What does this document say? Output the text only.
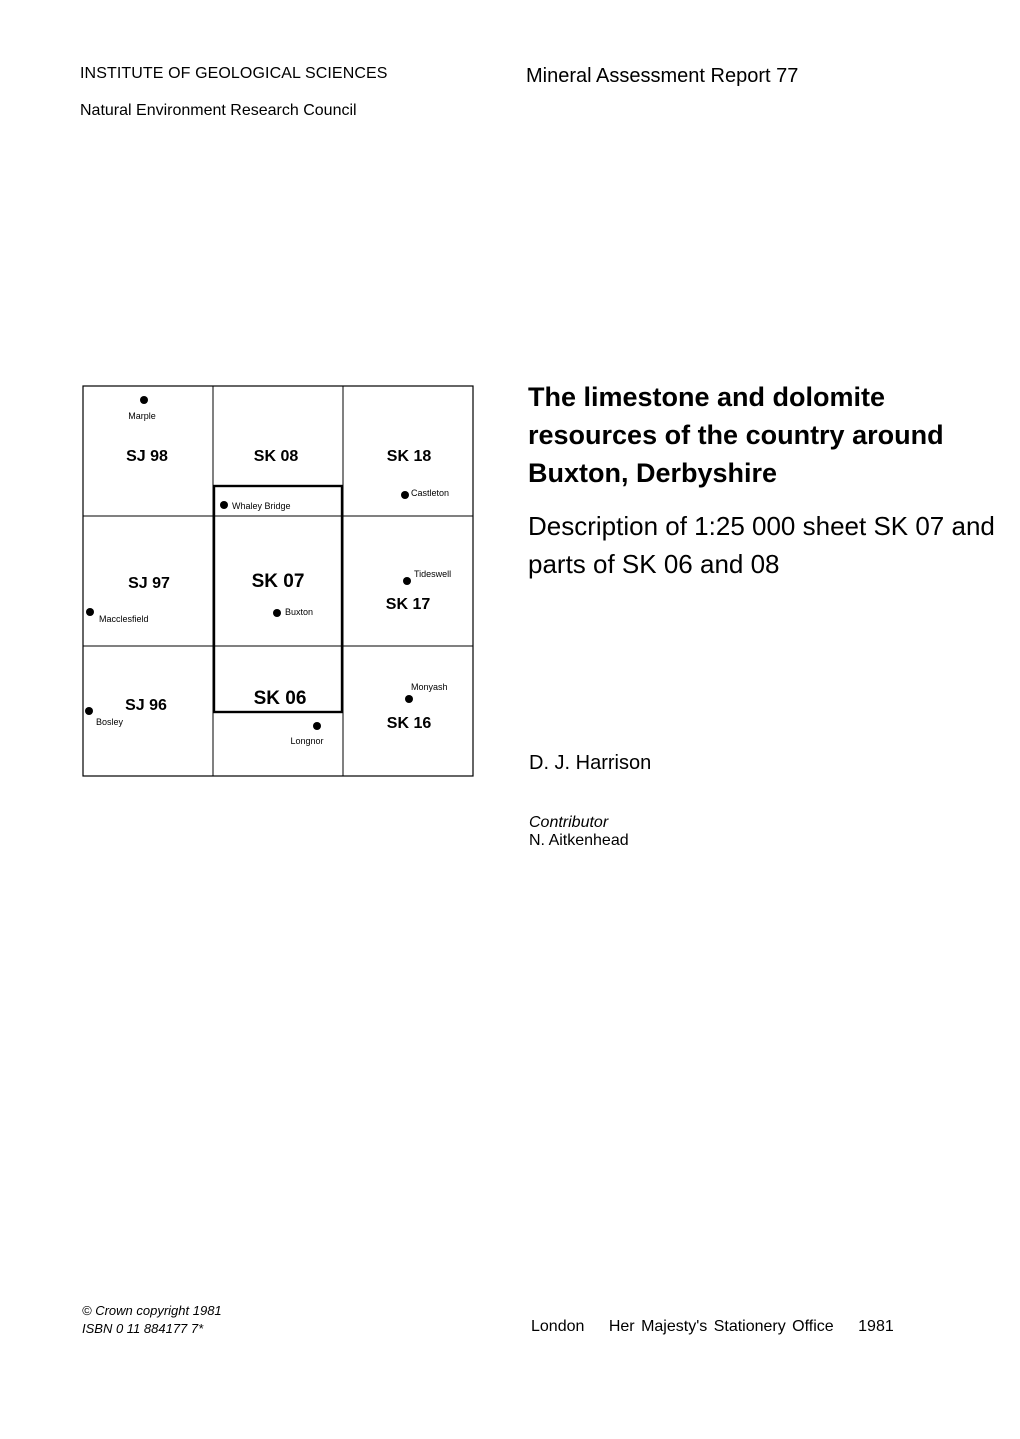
INSTITUTE OF GEOLOGICAL SCIENCES
Natural Environment Research Council
Mineral Assessment Report 77
SJ 98	SK 08	SK 18
SJ 97	SK 07
SK 17
SJ 96	SK 06
SK 16
Marple
Whaley Bridge
Castleton
Tideswell
Macclesfield
Buxton
Monyash
Bosley
Longnor
The limestone and dolomite resources of the country around Buxton, Derbyshire
Description of 1:25 000 sheet SK 07 and parts of SK 06 and 08
D. J. Harrison
Contributor
N. Aitkenhead
© Crown copyright 1981
ISBN 0 11 884177 7*	London Her Majesty's Stationery Office 1981
